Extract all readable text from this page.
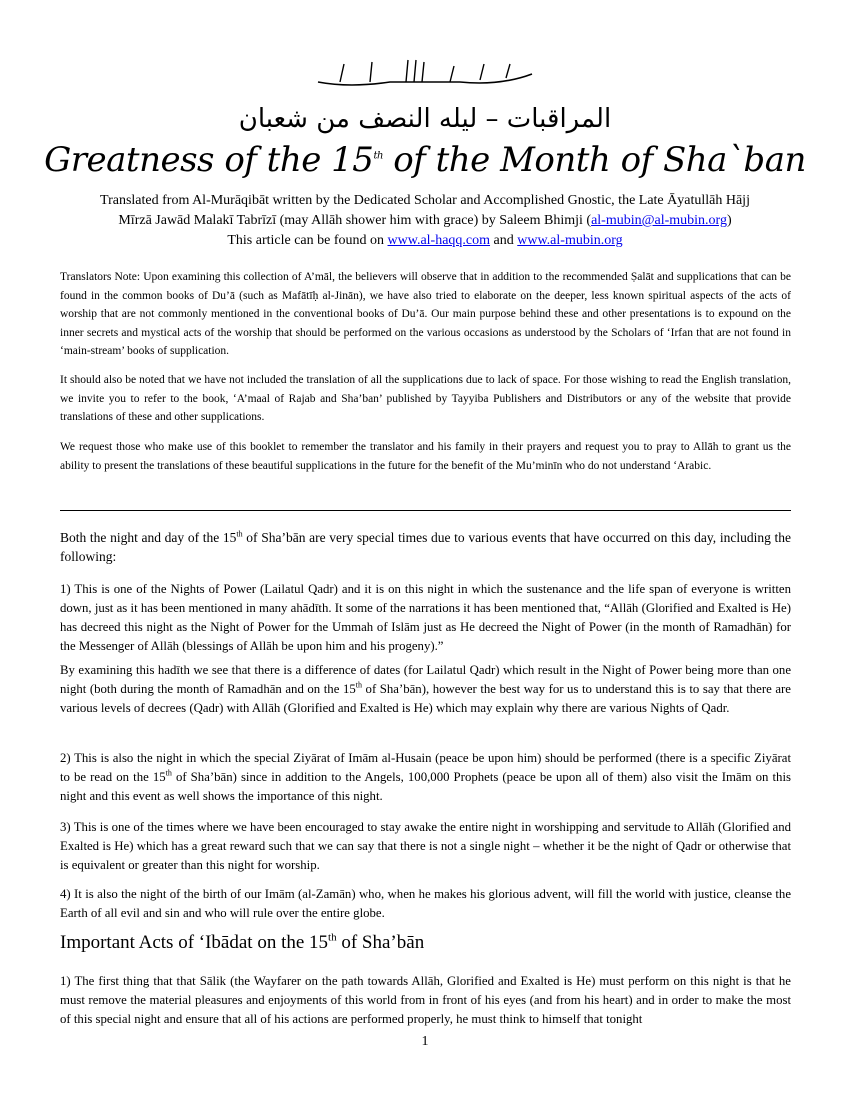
المراقبات – ليله النصف من شعبان
Greatness of the 15th of the Month of Sha`ban
Translated from Al-Murāqibāt written by the Dedicated Scholar and Accomplished Gnostic, the Late Āyatullāh Hājj
Mīrzā Jawād Malakī Tabrīzī (may Allāh shower him with grace) by Saleem Bhimji (al-mubin@al-mubin.org)
This article can be found on www.al-haqq.com and www.al-mubin.org
Translators Note: Upon examining this collection of A’māl, the believers will observe that in addition to the recommended Ṣalāt and supplications that can be found in the common books of Du’ā (such as Mafātīḥ al-Jinān), we have also tried to elaborate on the deeper, less known spiritual aspects of the acts of worship that are not commonly mentioned in the conventional books of Du’ā. Our main purpose behind these and other presentations is to expound on the inner secrets and mystical acts of the worship that should be performed on the various occasions as understood by the Scholars of ‘Irfan that are not found in ‘main-stream’ books of supplication.
It should also be noted that we have not included the translation of all the supplications due to lack of space. For those wishing to read the English translation, we invite you to refer to the book, ‘A’maal of Rajab and Sha’ban’ published by Tayyiba Publishers and Distributors or any of the website that provide translations of these and other supplications.
We request those who make use of this booklet to remember the translator and his family in their prayers and request you to pray to Allāh to grant us the ability to present the translations of these beautiful supplications in the future for the benefit of the Mu’minīn who do not understand ‘Arabic.
Both the night and day of the 15th of Sha’bān are very special times due to various events that have occurred on this day, including the following:
1) This is one of the Nights of Power (Lailatul Qadr) and it is on this night in which the sustenance and the life span of everyone is written down, just as it has been mentioned in many ahādīth. It some of the narrations it has been mentioned that, “Allāh (Glorified and Exalted is He) has decreed this night as the Night of Power for the Ummah of Islām just as He decreed the Night of Power (in the month of Ramadhān) for the Messenger of Allāh (blessings of Allāh be upon him and his progeny).”
By examining this hadīth we see that there is a difference of dates (for Lailatul Qadr) which result in the Night of Power being more than one night (both during the month of Ramadhān and on the 15th of Sha’bān), however the best way for us to understand this is to say that there are various levels of decrees (Qadr) with Allāh (Glorified and Exalted is He) which may explain why there are various Nights of Qadr.
2) This is also the night in which the special Ziyārat of Imām al-Husain (peace be upon him) should be performed (there is a specific Ziyārat to be read on the 15th of Sha’bān) since in addition to the Angels, 100,000 Prophets (peace be upon all of them) also visit the Imām on this night and this event as well shows the importance of this night.
3) This is one of the times where we have been encouraged to stay awake the entire night in worshipping and servitude to Allāh (Glorified and Exalted is He) which has a great reward such that we can say that there is not a single night – whether it be the night of Qadr or otherwise that is equivalent or greater than this night for worship.
4) It is also the night of the birth of our Imām (al-Zamān) who, when he makes his glorious advent, will fill the world with justice, cleanse the Earth of all evil and sin and who will rule over the entire globe.
Important Acts of ‘Ibādat on the 15th of Sha’bān
1) The first thing that that Sālik (the Wayfarer on the path towards Allāh, Glorified and Exalted is He) must perform on this night is that he must remove the material pleasures and enjoyments of this world from in front of his eyes (and from his heart) and in order to make the most of this special night and ensure that all of his actions are performed properly, he must think to himself that tonight
1
